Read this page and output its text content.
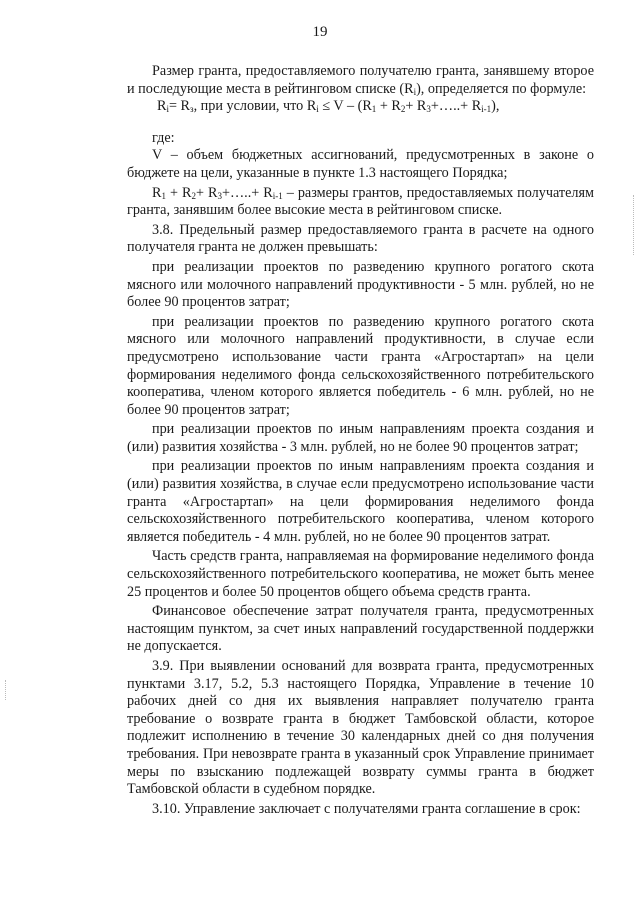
19

Размер гранта, предоставляемого получателю гранта, занявшему второе и последующие места в рейтинговом списке $(R_i)$, определяется по формуле:

$R_i= R_з$, при условии, что $R_i \le V - (R_1 + R_2+$ $R_3+\dots..+ R_{i-1}$),

где:

V – объем бюджетных ассигнований, предусмотренных в законе о бюджете на цели, указанные в пункте 1.3 настоящего Порядка;

$R_1 + R_2+$ $R_3+\dots..+ R_{i-1}$ – размеры грантов, предоставляемых получателям гранта, занявшим более высокие места в рейтинговом списке.

3.8. Предельный размер предоставляемого гранта в расчете на одного получателя гранта не должен превышать:

при реализации проектов по разведению крупного рогатого скота мясного или молочного направлений продуктивности - 5 млн. рублей, но не более 90 процентов затрат;

при реализации проектов по разведению крупного рогатого скота мясного или молочного направлений продуктивности, в случае если предусмотрено использование части гранта «Агростартап» на цели формирования неделимого фонда сельскохозяйственного потребительского кооператива, членом которого является победитель - 6 млн. рублей, но не более 90 процентов затрат;

при реализации проектов по иным направлениям проекта создания и (или) развития хозяйства - 3 млн. рублей, но не более 90 процентов затрат;

при реализации проектов по иным направлениям проекта создания и (или) развития хозяйства, в случае если предусмотрено использование части гранта «Агростартап» на цели формирования неделимого фонда сельскохозяйственного потребительского кооператива, членом которого является победитель - 4 млн. рублей, но не более 90 процентов затрат.

Часть средств гранта, направляемая на формирование неделимого фонда сельскохозяйственного потребительского кооператива, не может быть менее 25 процентов и более 50 процентов общего объема средств гранта.

Финансовое обеспечение затрат получателя гранта, предусмотренных настоящим пунктом, за счет иных направлений государственной поддержки не допускается.

3.9. При выявлении оснований для возврата гранта, предусмотренных пунктами 3.17, 5.2, 5.3 настоящего Порядка, Управление в течение 10 рабочих дней со дня их выявления направляет получателю гранта требование о возврате гранта в бюджет Тамбовской области, которое подлежит исполнению в течение 30 календарных дней со дня получения требования. При невозврате гранта в указанный срок Управление принимает меры по взысканию подлежащей возврату суммы гранта в бюджет Тамбовской области в судебном порядке.

3.10. Управление заключает с получателями гранта соглашение в срок:
